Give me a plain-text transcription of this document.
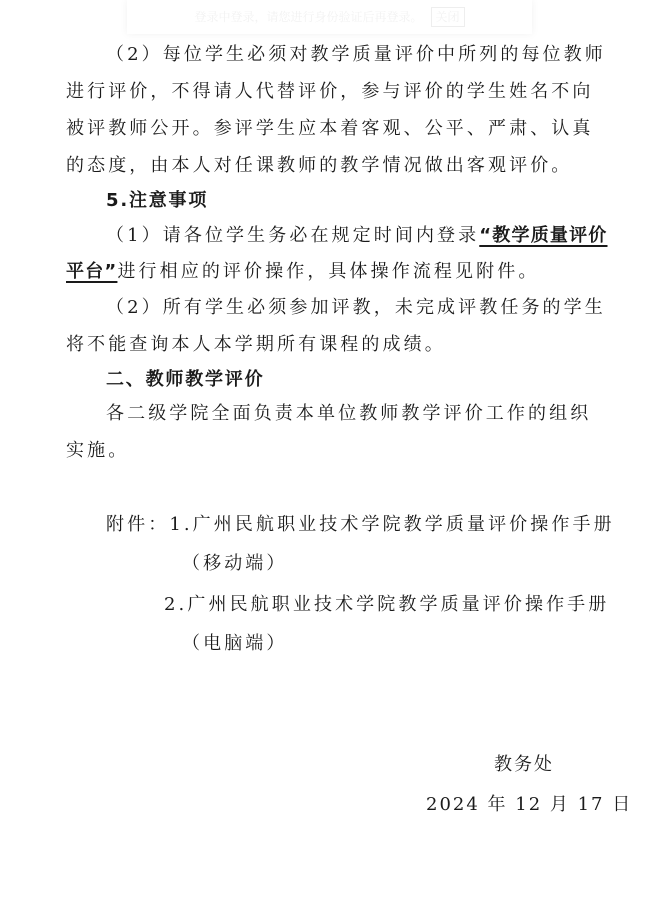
登录中登录，请您进行身份验证后再登录。	关闭
（2）每位学生必须对教学质量评价中所列的每位教师
进行评价，不得请人代替评价，参与评价的学生姓名不向
被评教师公开。参评学生应本着客观、公平、严肃、认真
的态度，由本人对任课教师的教学情况做出客观评价。
5.注意事项
（1）请各位学生务必在规定时间内登录“教学质量评价
平台”进行相应的评价操作，具体操作流程见附件。
（2）所有学生必须参加评教，未完成评教任务的学生
将不能查询本人本学期所有课程的成绩。
二、教师教学评价
各二级学院全面负责本单位教师教学评价工作的组织
实施。
附件：1.广州民航职业技术学院教学质量评价操作手册
（移动端）
2.广州民航职业技术学院教学质量评价操作手册
（电脑端）
教务处
2024 年 12 月 17 日
